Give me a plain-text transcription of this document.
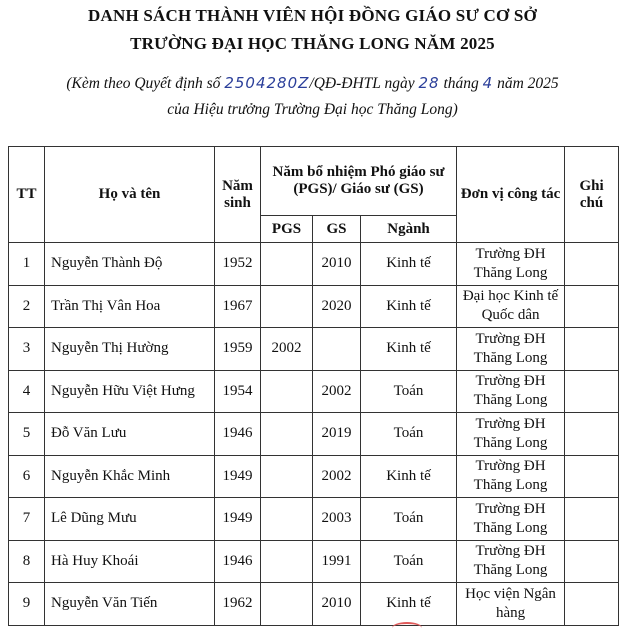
DANH SÁCH THÀNH VIÊN HỘI ĐỒNG GIÁO SƯ CƠ SỞ
TRƯỜNG ĐẠI HỌC THĂNG LONG NĂM 2025
(Kèm theo Quyết định số 2504280Z/QĐ-ĐHTL ngày 28 tháng 4 năm 2025
của Hiệu trưởng Trường Đại học Thăng Long)
TT	Họ và tên	Năm sinh	Năm bổ nhiệm Phó giáo sư (PGS)/ Giáo sư (GS)			Đơn vị công tác	Ghi chú
			PGS	GS	Ngành		
1	Nguyễn Thành Độ	1952		2010	Kinh tế	Trường ĐH Thăng Long	
2	Trần Thị Vân Hoa	1967		2020	Kinh tế	Đại học Kinh tế Quốc dân	
3	Nguyễn Thị Hường	1959	2002		Kinh tế	Trường ĐH Thăng Long	
4	Nguyễn Hữu Việt Hưng	1954		2002	Toán	Trường ĐH Thăng Long	
5	Đỗ Văn Lưu	1946		2019	Toán	Trường ĐH Thăng Long	
6	Nguyễn Khắc Minh	1949		2002	Kinh tế	Trường ĐH Thăng Long	
7	Lê Dũng Mưu	1949		2003	Toán	Trường ĐH Thăng Long	
8	Hà Huy Khoái	1946		1991	Toán	Trường ĐH Thăng Long	
9	Nguyễn Văn Tiến	1962		2010	Kinh tế	Học viện Ngân hàng	
